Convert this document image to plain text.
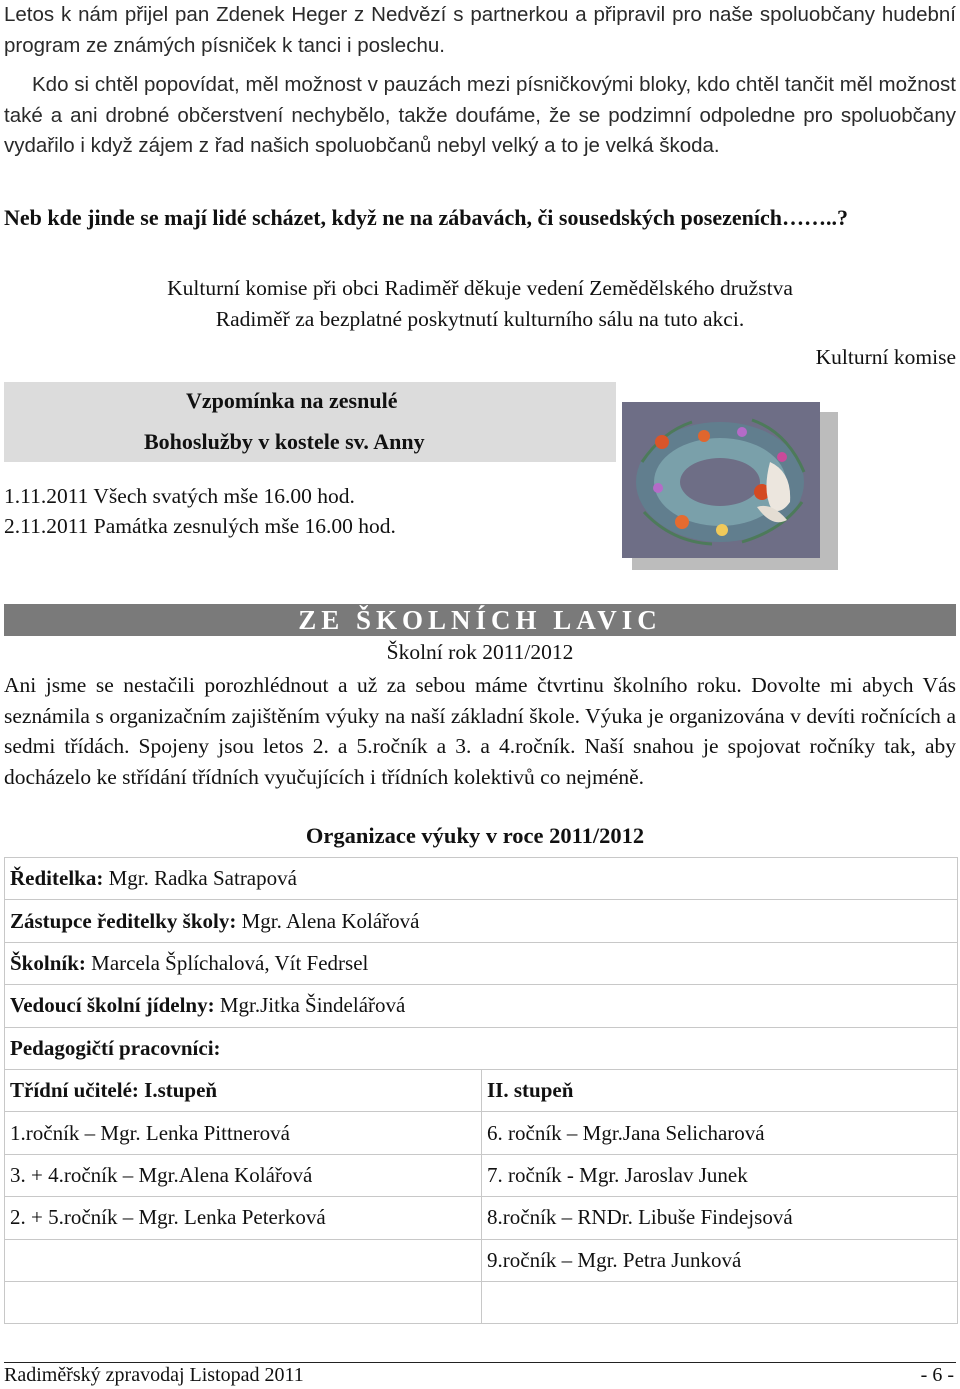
Letos k nám přijel pan Zdenek Heger z Nedvězí s partnerkou a připravil pro naše spoluobčany hudební program ze známých písniček k tanci i poslechu.

Kdo si chtěl popovídat, měl možnost v pauzách mezi písničkovými bloky, kdo chtěl tančit měl možnost také a ani drobné občerstvení nechybělo, takže doufáme, že se podzimní odpoledne pro spoluobčany vydařilo i když zájem z řad našich spoluobčanů nebyl velký a to je velká škoda.

Neb kde jinde se mají lidé scházet, když ne na zábavách, či sousedských posezeních……..?

Kulturní komise při obci Radiměř děkuje vedení Zemědělského družstva Radiměř za bezplatné poskytnutí kulturního sálu na tuto akci.

Kulturní komise
Vzpomínka na zesnulé
Bohoslužby v kostele sv. Anny
1.11.2011 Všech svatých mše 16.00 hod.
2.11.2011 Památka zesnulých mše 16.00 hod.
ZE ŠKOLNÍCH LAVIC
Školní rok 2011/2012

Ani jsme se nestačili porozhlédnout a už za sebou máme čtvrtinu školního roku. Dovolte mi abych Vás seznámila s organizačním zajištěním výuky na naší základní škole. Výuka je organizována v devíti ročnících a sedmi třídách. Spojeny jsou letos 2. a 5.ročník a 3. a 4.ročník. Naší snahou je spojovat ročníky tak, aby docházelo ke střídání třídních vyučujících i třídních kolektivů co nejméně.

Organizace výuky v roce 2011/2012
Ředitelka: Mgr. Radka Satrapová	
Zástupce ředitelky školy: Mgr. Alena Kolářová	
Školník: Marcela Šplíchalová, Vít Fedrsel	
Vedoucí školní jídelny: Mgr.Jitka Šindelářová	
Pedagogičtí pracovníci:	
Třídní učitelé: I.stupeň	II. stupeň
1.ročník – Mgr. Lenka Pittnerová	6. ročník – Mgr.Jana Selicharová
3. + 4.ročník – Mgr.Alena Kolářová	7. ročník - Mgr. Jaroslav Junek
2. + 5.ročník – Mgr. Lenka Peterková	8.ročník – RNDr. Libuše Findejsová
	9.ročník – Mgr. Petra Junková

Radiměřský zpravodaj Listopad 2011	- 6 -
